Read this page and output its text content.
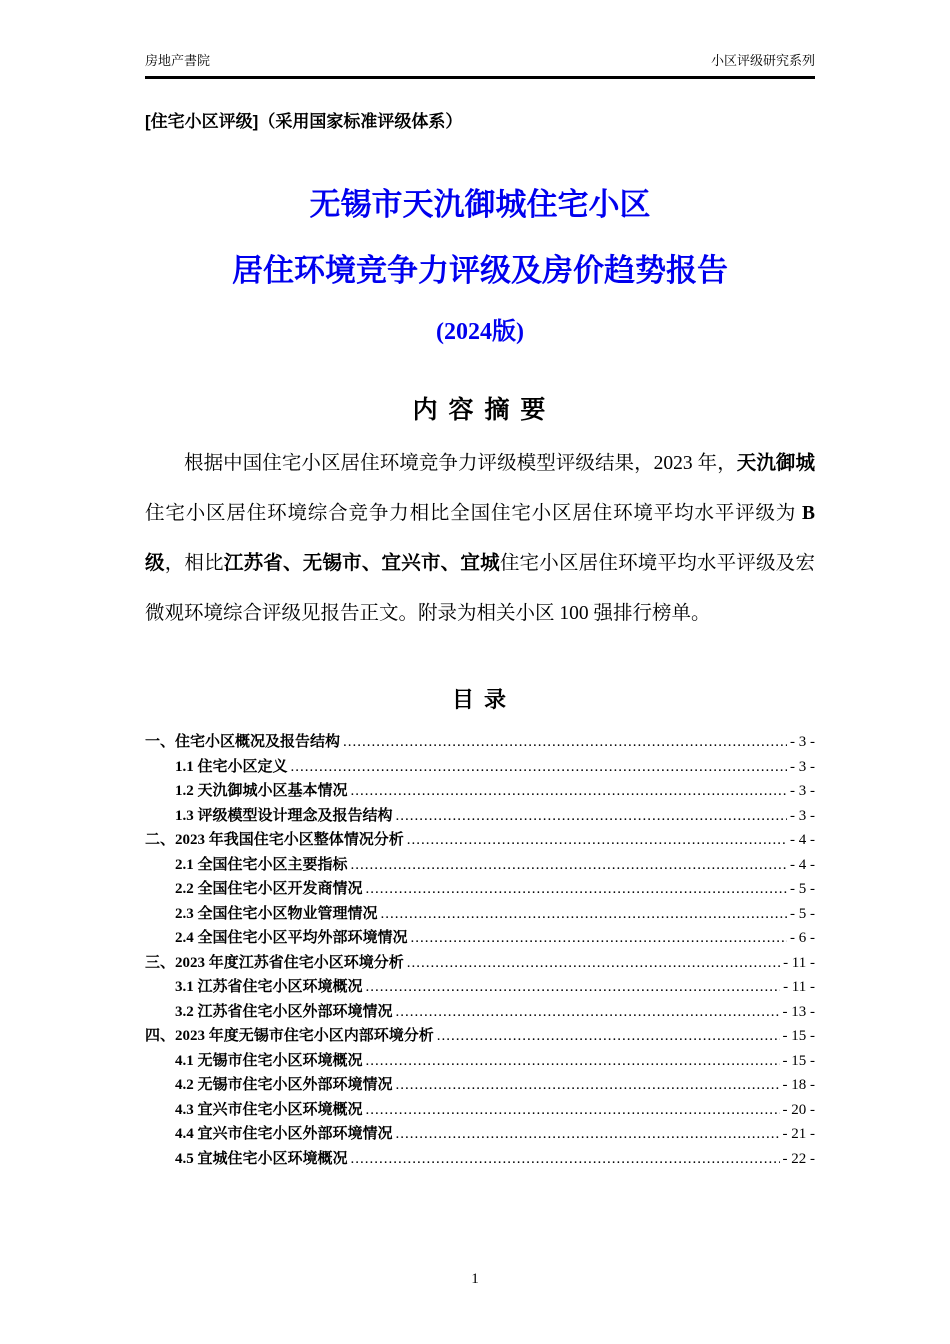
房地产書院	小区评级研究系列
[住宅小区评级]（采用国家标准评级体系）
无锡市天氿御城住宅小区
居住环境竞争力评级及房价趋势报告
(2024版)
内 容 摘 要

根据中国住宅小区居住环境竞争力评级模型评级结果，2023 年，天氿御城住宅小区居住环境综合竞争力相比全国住宅小区居住环境平均水平评级为 B 级，相比江苏省、无锡市、宜兴市、宜城住宅小区居住环境平均水平评级及宏微观环境综合评级见报告正文。附录为相关小区 100 强排行榜单。

目 录
一、住宅小区概况及报告结构 .....	- 3 -
1.1 住宅小区定义 .....	- 3 -
1.2 天氿御城小区基本情况 .....	- 3 -
1.3 评级模型设计理念及报告结构 .....	- 3 -
二、2023 年我国住宅小区整体情况分析 .....	- 4 -
2.1 全国住宅小区主要指标 .....	- 4 -
2.2 全国住宅小区开发商情况 .....	- 5 -
2.3 全国住宅小区物业管理情况 .....	- 5 -
2.4 全国住宅小区平均外部环境情况 .....	- 6 -
三、2023 年度江苏省住宅小区环境分析 .....	- 11 -
3.1 江苏省住宅小区环境概况 .....	- 11 -
3.2 江苏省住宅小区外部环境情况 .....	- 13 -
四、2023 年度无锡市住宅小区内部环境分析 .....	- 15 -
4.1 无锡市住宅小区环境概况 .....	- 15 -
4.2 无锡市住宅小区外部环境情况 .....	- 18 -
4.3 宜兴市住宅小区环境概况 .....	- 20 -
4.4 宜兴市住宅小区外部环境情况 .....	- 21 -
4.5 宜城住宅小区环境概况 .....	- 22 -
1
